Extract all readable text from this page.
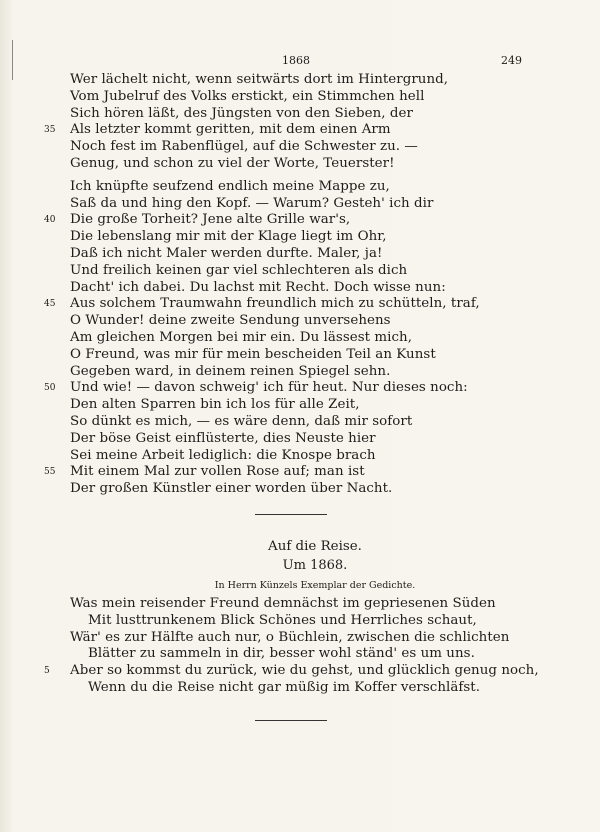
1868	249
Wer lächelt nicht, wenn seitwärts dort im Hintergrund,
Vom Jubelruf des Volks erstickt, ein Stimmchen hell
Sich hören läßt, des Jüngsten von den Sieben, der
35 Als letzter kommt geritten, mit dem einen Arm
Noch fest im Rabenflügel, auf die Schwester zu. —
Genug, und schon zu viel der Worte, Teuerster!
Ich knüpfte seufzend endlich meine Mappe zu,
Saß da und hing den Kopf. — Warum? Gesteh' ich dir
40 Die große Torheit? Jene alte Grille war's,
Die lebenslang mir mit der Klage liegt im Ohr,
Daß ich nicht Maler werden durfte. Maler, ja!
Und freilich keinen gar viel schlechteren als dich
Dacht' ich dabei. Du lachst mit Recht. Doch wisse nun:
45 Aus solchem Traumwahn freundlich mich zu schütteln, traf,
O Wunder! deine zweite Sendung unversehens
Am gleichen Morgen bei mir ein. Du lässest mich,
O Freund, was mir für mein bescheiden Teil an Kunst
Gegeben ward, in deinem reinen Spiegel sehn.
50 Und wie! — davon schweig' ich für heut. Nur dieses noch:
Den alten Sparren bin ich los für alle Zeit,
So dünkt es mich, — es wäre denn, daß mir sofort
Der böse Geist einflüsterte, dies Neuste hier
Sei meine Arbeit lediglich: die Knospe brach
55 Mit einem Mal zur vollen Rose auf; man ist
Der großen Künstler einer worden über Nacht.
Auf die Reise.
Um 1868.
In Herrn Künzels Exemplar der Gedichte.
Was mein reisender Freund demnächst im gepriesenen Süden
Mit lusttrunkenem Blick Schönes und Herrliches schaut,
Wär' es zur Hälfte auch nur, o Büchlein, zwischen die schlichten
Blätter zu sammeln in dir, besser wohl ständ' es um uns.
5 Aber so kommst du zurück, wie du gehst, und glücklich genug noch,
Wenn du die Reise nicht gar müßig im Koffer verschläfst.
